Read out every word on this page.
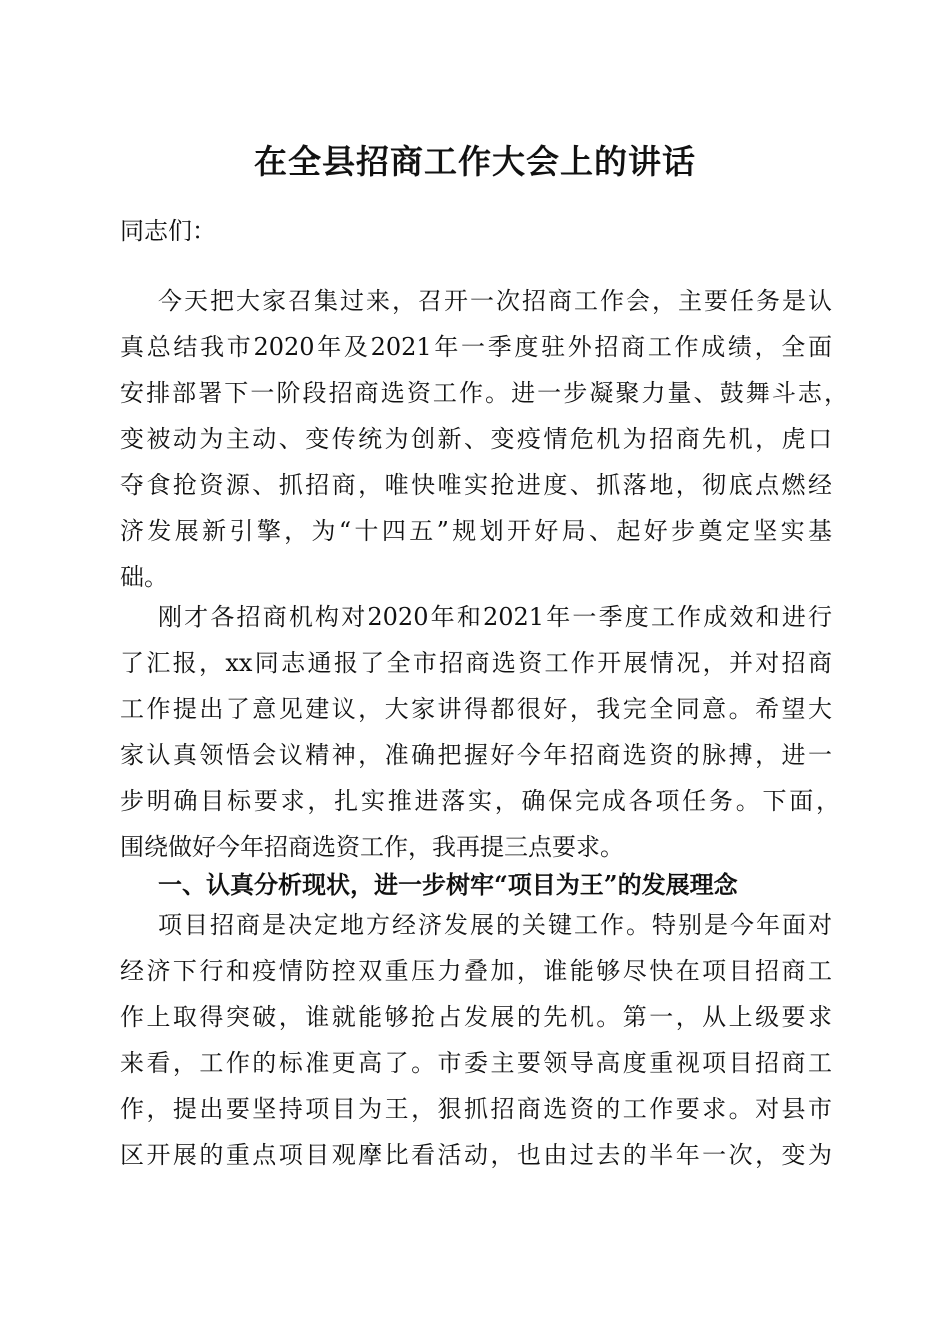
在全县招商工作大会上的讲话
同志们：
今天把大家召集过来，召开一次招商工作会，主要任务是认
真总结我市2020年及2021年一季度驻外招商工作成绩，全面
安排部署下一阶段招商选资工作。进一步凝聚力量、鼓舞斗志，
变被动为主动、变传统为创新、变疫情危机为招商先机，虎口
夺食抢资源、抓招商，唯快唯实抢进度、抓落地，彻底点燃经
济发展新引擎，为“十四五”规划开好局、起好步奠定坚实基
础。
刚才各招商机构对2020年和2021年一季度工作成效和进行
了汇报，xx同志通报了全市招商选资工作开展情况，并对招商
工作提出了意见建议，大家讲得都很好，我完全同意。希望大
家认真领悟会议精神，准确把握好今年招商选资的脉搏，进一
步明确目标要求，扎实推进落实，确保完成各项任务。下面，
围绕做好今年招商选资工作，我再提三点要求。
一、认真分析现状，进一步树牢“项目为王”的发展理念
项目招商是决定地方经济发展的关键工作。特别是今年面对
经济下行和疫情防控双重压力叠加，谁能够尽快在项目招商工
作上取得突破，谁就能够抢占发展的先机。第一，从上级要求
来看，工作的标准更高了。市委主要领导高度重视项目招商工
作，提出要坚持项目为王，狠抓招商选资的工作要求。对县市
区开展的重点项目观摩比看活动，也由过去的半年一次，变为
